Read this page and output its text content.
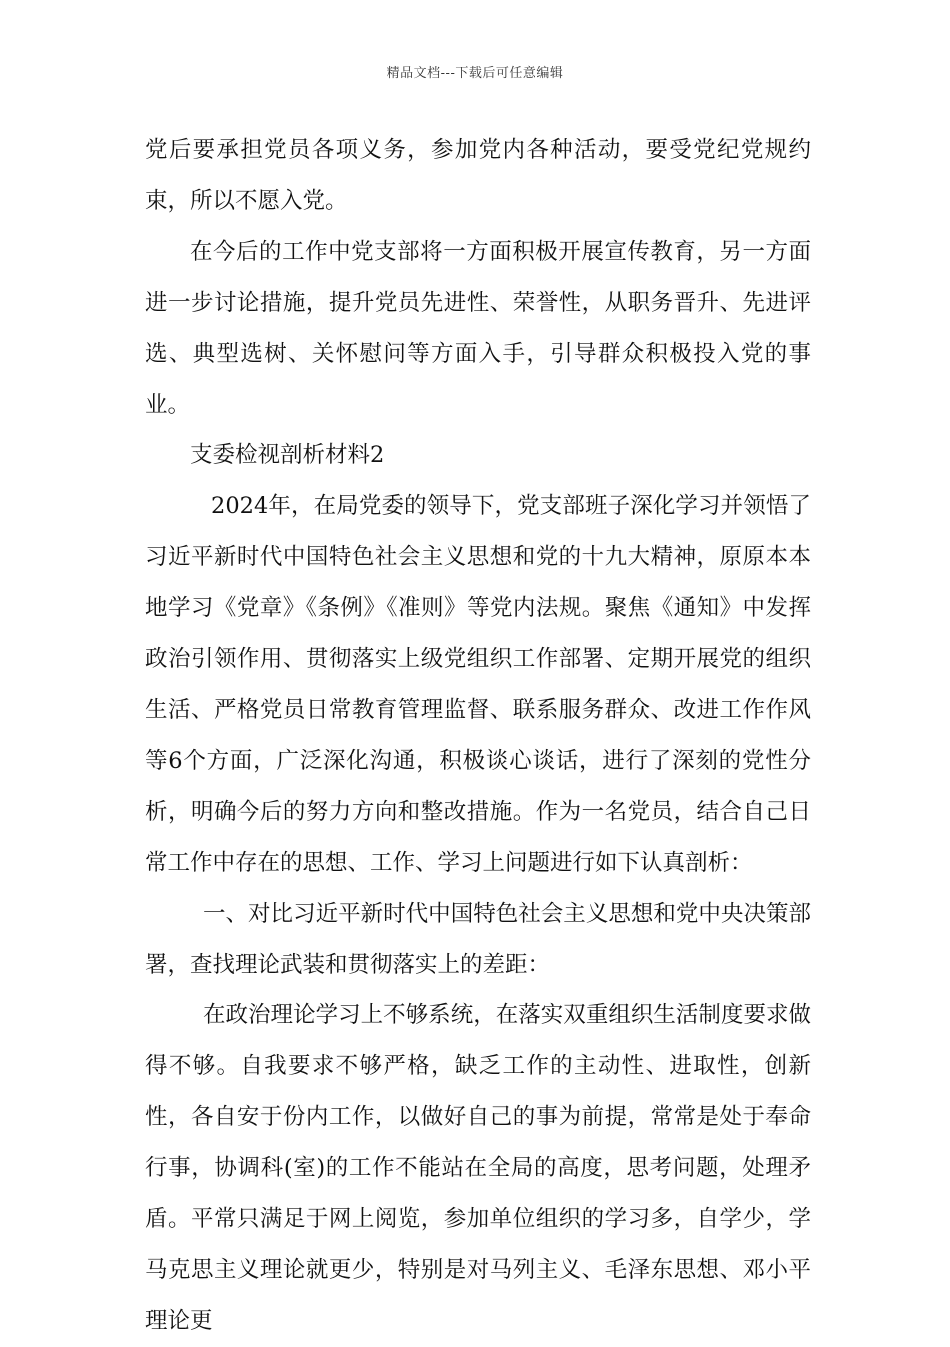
精品文档---下载后可任意编辑

党后要承担党员各项义务，参加党内各种活动，要受党纪党规约束，所以不愿入党。

在今后的工作中党支部将一方面积极开展宣传教育，另一方面进一步讨论措施，提升党员先进性、荣誉性，从职务晋升、先进评选、典型选树、关怀慰问等方面入手，引导群众积极投入党的事业。

支委检视剖析材料2

2024年，在局党委的领导下，党支部班子深化学习并领悟了习近平新时代中国特色社会主义思想和党的十九大精神，原原本本地学习《党章》《条例》《准则》等党内法规。聚焦《通知》中发挥政治引领作用、贯彻落实上级党组织工作部署、定期开展党的组织生活、严格党员日常教育管理监督、联系服务群众、改进工作作风等6个方面，广泛深化沟通，积极谈心谈话，进行了深刻的党性分析，明确今后的努力方向和整改措施。作为一名党员，结合自己日常工作中存在的思想、工作、学习上问题进行如下认真剖析：

一、对比习近平新时代中国特色社会主义思想和党中央决策部署，查找理论武装和贯彻落实上的差距：

在政治理论学习上不够系统，在落实双重组织生活制度要求做得不够。自我要求不够严格，缺乏工作的主动性、进取性，创新性，各自安于份内工作，以做好自己的事为前提，常常是处于奉命行事，协调科(室)的工作不能站在全局的高度，思考问题，处理矛盾。平常只满足于网上阅览，参加单位组织的学习多，自学少，学马克思主义理论就更少，特别是对马列主义、毛泽东思想、邓小平理论更
